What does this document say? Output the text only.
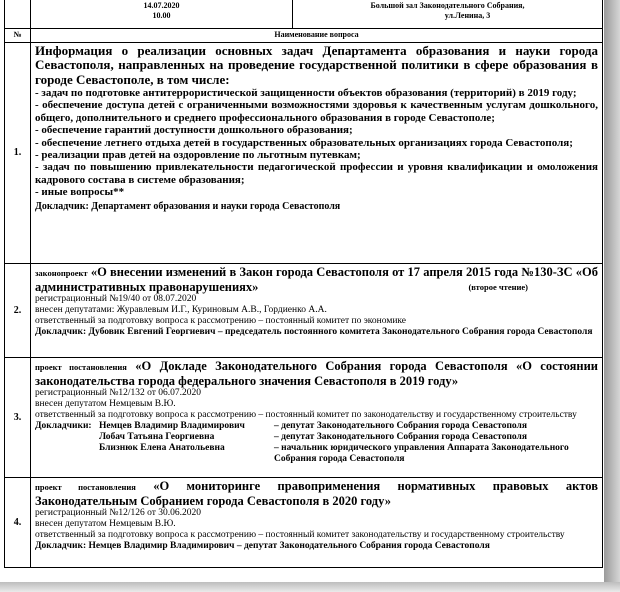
14.07.2020
10.00

Большой зал Законодательного Собрания,
ул.Ленина, 3

№	Наименование вопроса
1.	
Информация о реализации основных задач Департамента образования и науки города Севастополя, направленных на проведение государственной политики в сфере образования в городе Севастополе, в том числе:
- задач по подготовке антитеррористической защищенности объектов образования (территорий) в 2019 году;
- обеспечение доступа детей с ограниченными возможностями здоровья к качественным услугам дошкольного, общего, дополнительного и среднего профессионального образования в городе Севастополе;
- обеспечение гарантий доступности дошкольного образования;
- обеспечение летнего отдыха детей в государственных образовательных организациях города Севастополя;
- реализации прав детей на оздоровление по льготным путевкам;
- задач по повышению привлекательности педагогической профессии и уровня квалификации и омоложения кадрового состава в системе образования;
- иные вопросы**
Докладчик: Департамент образования и науки города Севастополя

2.	
законопроект «О внесении изменений в Закон города Севастополя от 17 апреля 2015 года №130-ЗС «Об административных правонарушениях»	(второе чтение)
регистрационный №19/40 от 08.07.2020
внесен депутатами: Журавлевым И.Г., Куриновым А.В., Гордиенко А.А.
ответственный за подготовку вопроса к рассмотрению – постоянный комитет по экономике
Докладчик: Дубовик Евгений Георгиевич – председатель постоянного комитета Законодательного Собрания города Севастополя

3.	
проект постановления «О Докладе Законодательного Собрания города Севастополя «О состоянии законодательства города федерального значения Севастополя в 2019 году»
регистрационный №12/132 от 06.07.2020
внесен депутатом Немцевым В.Ю.
ответственный за подготовку вопроса к рассмотрению – постоянный комитет по законодательству и государственному строительству
Докладчики:	Немцев Владимир Владимирович	– депутат Законодательного Собрания города Севастополя
	Лобач Татьяна Георгиевна	– депутат Законодательного Собрания города Севастополя
	Близнюк Елена Анатольевна	– начальник юридического управления Аппарата Законодательного Собрания города Севастополя

4.	
проект постановления «О мониторинге правоприменения нормативных правовых актов Законодательным Собранием города Севастополя в 2020 году»
регистрационный №12/126 от 30.06.2020
внесен депутатом Немцевым В.Ю.
ответственный за подготовку вопроса к рассмотрению – постоянный комитет законодательству и государственному строительству
Докладчик: Немцев Владимир Владимирович – депутат Законодательного Собрания города Севастополя
